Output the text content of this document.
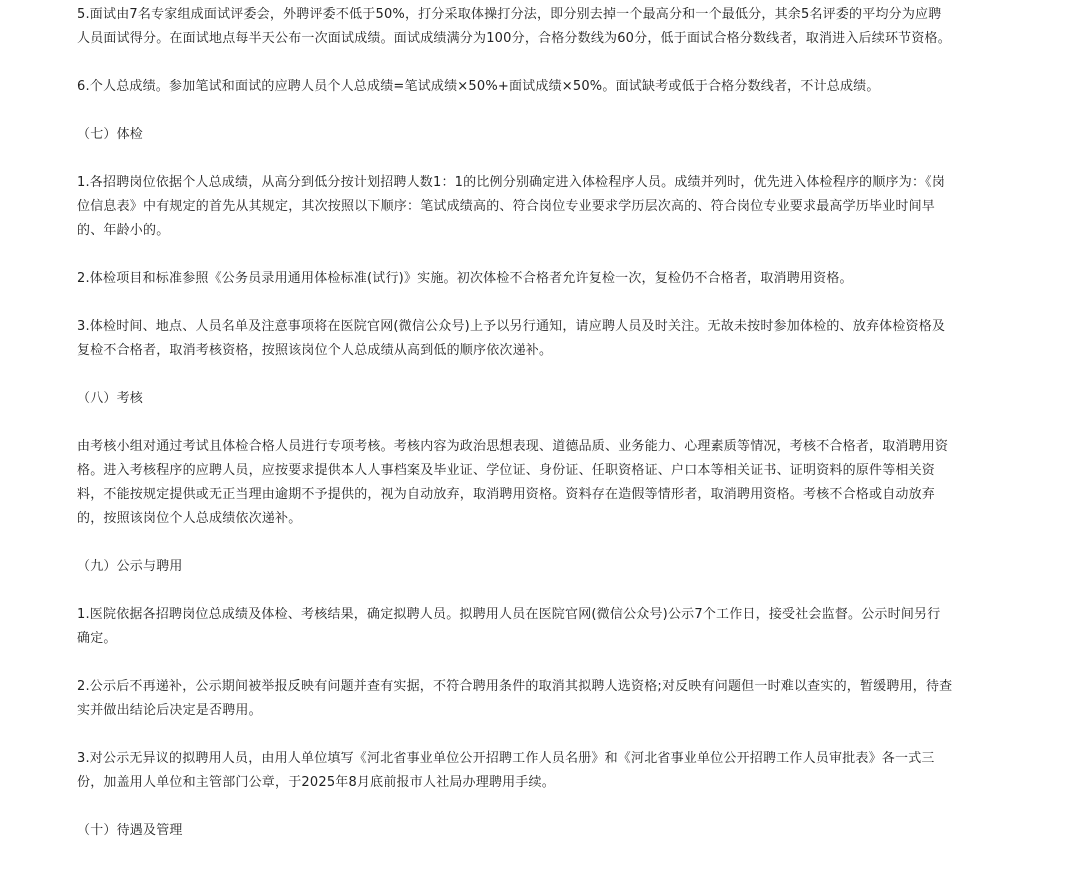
5.面试由7名专家组成面试评委会，外聘评委不低于50%，打分采取体操打分法，即分别去掉一个最高分和一个最低分，其余5名评委的平均分为应聘人员面试得分。在面试地点每半天公布一次面试成绩。面试成绩满分为100分，合格分数线为60分，低于面试合格分数线者，取消进入后续环节资格。

6.个人总成绩。参加笔试和面试的应聘人员个人总成绩=笔试成绩×50%+面试成绩×50%。面试缺考或低于合格分数线者，不计总成绩。

（七）体检

1.各招聘岗位依据个人总成绩，从高分到低分按计划招聘人数1：1的比例分别确定进入体检程序人员。成绩并列时，优先进入体检程序的顺序为：《岗位信息表》中有规定的首先从其规定，其次按照以下顺序：笔试成绩高的、符合岗位专业要求学历层次高的、符合岗位专业要求最高学历毕业时间早的、年龄小的。

2.体检项目和标准参照《公务员录用通用体检标准(试行)》实施。初次体检不合格者允许复检一次，复检仍不合格者，取消聘用资格。

3.体检时间、地点、人员名单及注意事项将在医院官网(微信公众号)上予以另行通知，请应聘人员及时关注。无故未按时参加体检的、放弃体检资格及复检不合格者，取消考核资格，按照该岗位个人总成绩从高到低的顺序依次递补。

（八）考核

由考核小组对通过考试且体检合格人员进行专项考核。考核内容为政治思想表现、道德品质、业务能力、心理素质等情况，考核不合格者，取消聘用资格。进入考核程序的应聘人员，应按要求提供本人人事档案及毕业证、学位证、身份证、任职资格证、户口本等相关证书、证明资料的原件等相关资料，不能按规定提供或无正当理由逾期不予提供的，视为自动放弃，取消聘用资格。资料存在造假等情形者，取消聘用资格。考核不合格或自动放弃的，按照该岗位个人总成绩依次递补。

（九）公示与聘用

1.医院依据各招聘岗位总成绩及体检、考核结果，确定拟聘人员。拟聘用人员在医院官网(微信公众号)公示7个工作日，接受社会监督。公示时间另行确定。

2.公示后不再递补，公示期间被举报反映有问题并查有实据，不符合聘用条件的取消其拟聘人选资格;对反映有问题但一时难以查实的，暂缓聘用，待查实并做出结论后决定是否聘用。

3.对公示无异议的拟聘用人员，由用人单位填写《河北省事业单位公开招聘工作人员名册》和《河北省事业单位公开招聘工作人员审批表》各一式三份，加盖用人单位和主管部门公章，于2025年8月底前报市人社局办理聘用手续。

（十）待遇及管理
